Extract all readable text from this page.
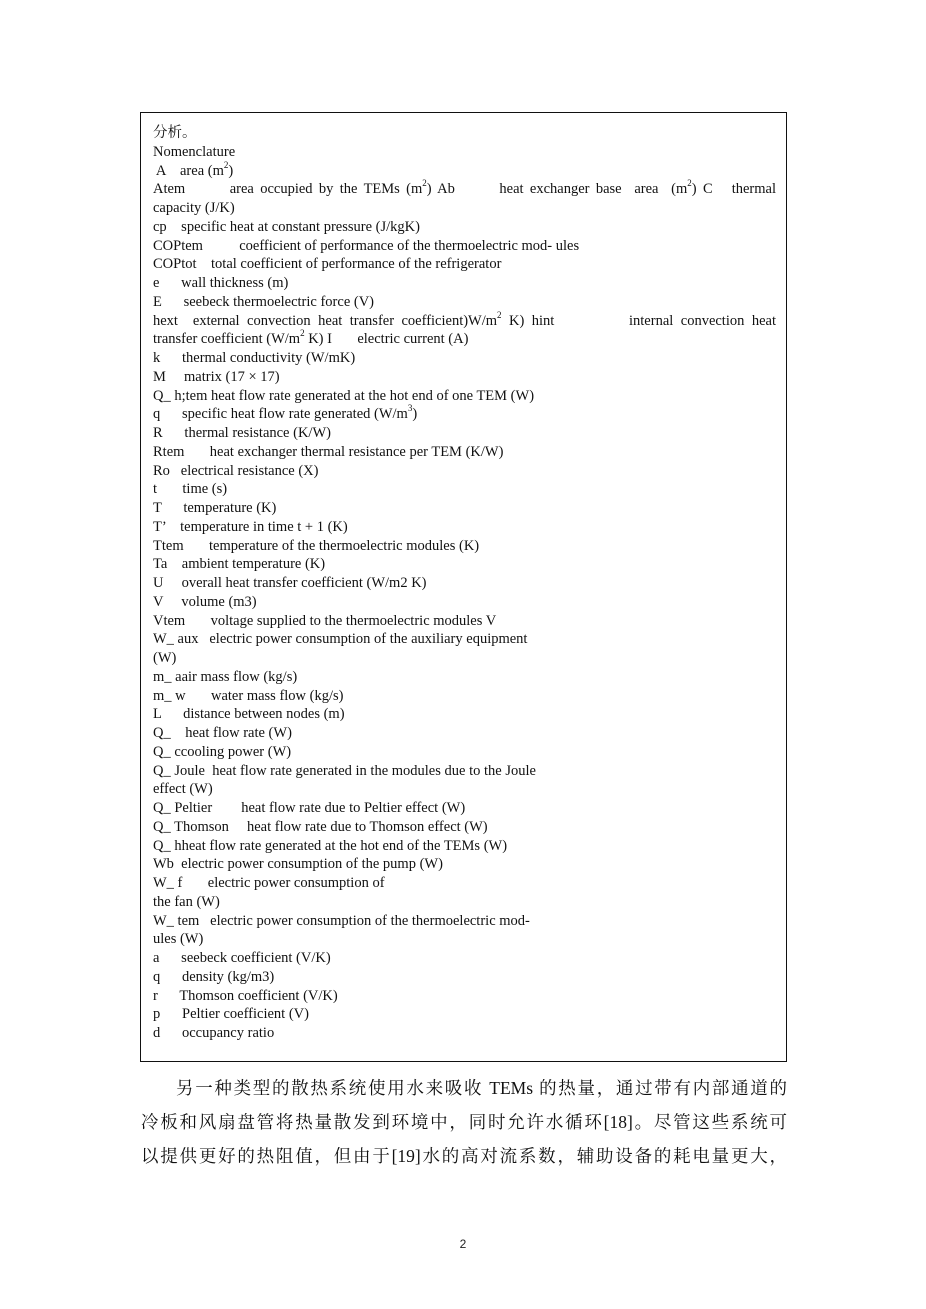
分析。
Nomenclature
A    area $(m^2)$
Atem       area occupied by the TEMs $(m^2)$ Ab       heat exchanger base  area  $(m^2)$ C   thermal
capacity (J/K)
cp    specific heat at constant pressure (J/kgK)
COPtem          coefficient of performance of the thermoelectric mod- ules
COPtot    total coefficient of performance of the refrigerator
e      wall thickness (m)
E      seebeck thermoelectric force (V)
hext  external convection heat transfer $coefficient)W/m^2$ K) hint          internal convection heat
transfer coefficient ($W/m^2$ K) I       electric current (A)
k      thermal conductivity (W/mK)
M     matrix (17 × 17)
Q_ h;tem heat flow rate generated at the hot end of one TEM (W)
q      specific heat flow rate generated $(W/m^3)$
R      thermal resistance (K/W)
Rtem       heat exchanger thermal resistance per TEM (K/W)
Ro   electrical resistance (X)
t       time (s)
T      temperature (K)
T’    temperature in time t + 1 (K)
Ttem       temperature of the thermoelectric modules (K)
Ta    ambient temperature (K)
U     overall heat transfer coefficient (W/m2 K)
V     volume (m3)
Vtem       voltage supplied to the thermoelectric modules V
W_ aux   electric power consumption of the auxiliary equipment
(W)
m_ aair mass flow (kg/s)
m_ w       water mass flow (kg/s)
L      distance between nodes (m)
Q_    heat flow rate (W)
Q_ ccooling power (W)
Q_ Joule  heat flow rate generated in the modules due to the Joule
effect (W)
Q_ Peltier        heat flow rate due to Peltier effect (W)
Q_ Thomson     heat flow rate due to Thomson effect (W)
Q_ hheat flow rate generated at the hot end of the TEMs (W)
Wb  electric power consumption of the pump (W)
W_ f       electric power consumption of
the fan (W)
W_ tem   electric power consumption of the thermoelectric mod-
ules (W)
a      seebeck coefficient (V/K)
q      density (kg/m3)
r      Thomson coefficient (V/K)
p      Peltier coefficient (V)
d      occupancy ratio
另一种类型的散热系统使用水来吸收 TEMs 的热量，通过带有内部通道的
冷板和风扇盘管将热量散发到环境中，同时允许水循环[18]。尽管这些系统可
以提供更好的热阻值，但由于[19]水的高对流系数，辅助设备的耗电量更大，
2
